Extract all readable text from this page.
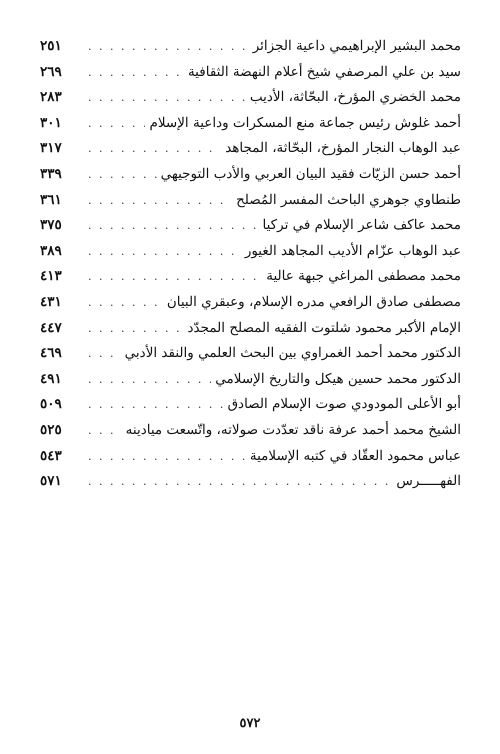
محمد البشير الإبراهيمي داعية الجزائر
. . .
٢٥١
سيد بن علي المرصفي شيخ أعلام النهضة الثقافية
. . .
٢٦٩
محمد الخضري المؤرخ، البحّاثة، الأديب
. . .
٢٨٣
أحمد غلوش رئيس جماعة منع المسكرات وداعية الإسلام
. . .
٣٠١
عبد الوهاب النجار المؤرخ، البحّاثة، المجاهد
. . .
٣١٧
أحمد حسن الزيّات فقيد البيان العربي والأدب التوجيهي
. . .
٣٣٩
طنطاوي جوهري الباحث المفسر المُصلح
. . .
٣٦١
محمد عاكف شاعر الإسلام في تركيا
. . .
٣٧٥
عبد الوهاب عزّام الأديب المجاهد الغيور
. . .
٣٨٩
محمد مصطفى المراغي جبهة عالية
. . .
٤١٣
مصطفى صادق الرافعي مدره الإسلام، وعبقري البيان
. . .
٤٣١
الإمام الأكبر محمود شلتوت الفقيه المصلح المجدّد
. . .
٤٤٧
الدكتور محمد أحمد الغمراوي بين البحث العلمي والنقد الأدبي
. . .
٤٦٩
الدكتور محمد حسين هيكل والتاريخ الإسلامي
. . .
٤٩١
أبو الأعلى المودودي صوت الإسلام الصادق
. . .
٥٠٩
الشيخ محمد أحمد عرفة ناقد تعدّدت صولاته، واتّسعت ميادينه
. . .
٥٢٥
عباس محمود العقّاد في كتبه الإسلامية
. . .
٥٤٣
الفهـــــرس
. . .
٥٧١
٥٧٢
